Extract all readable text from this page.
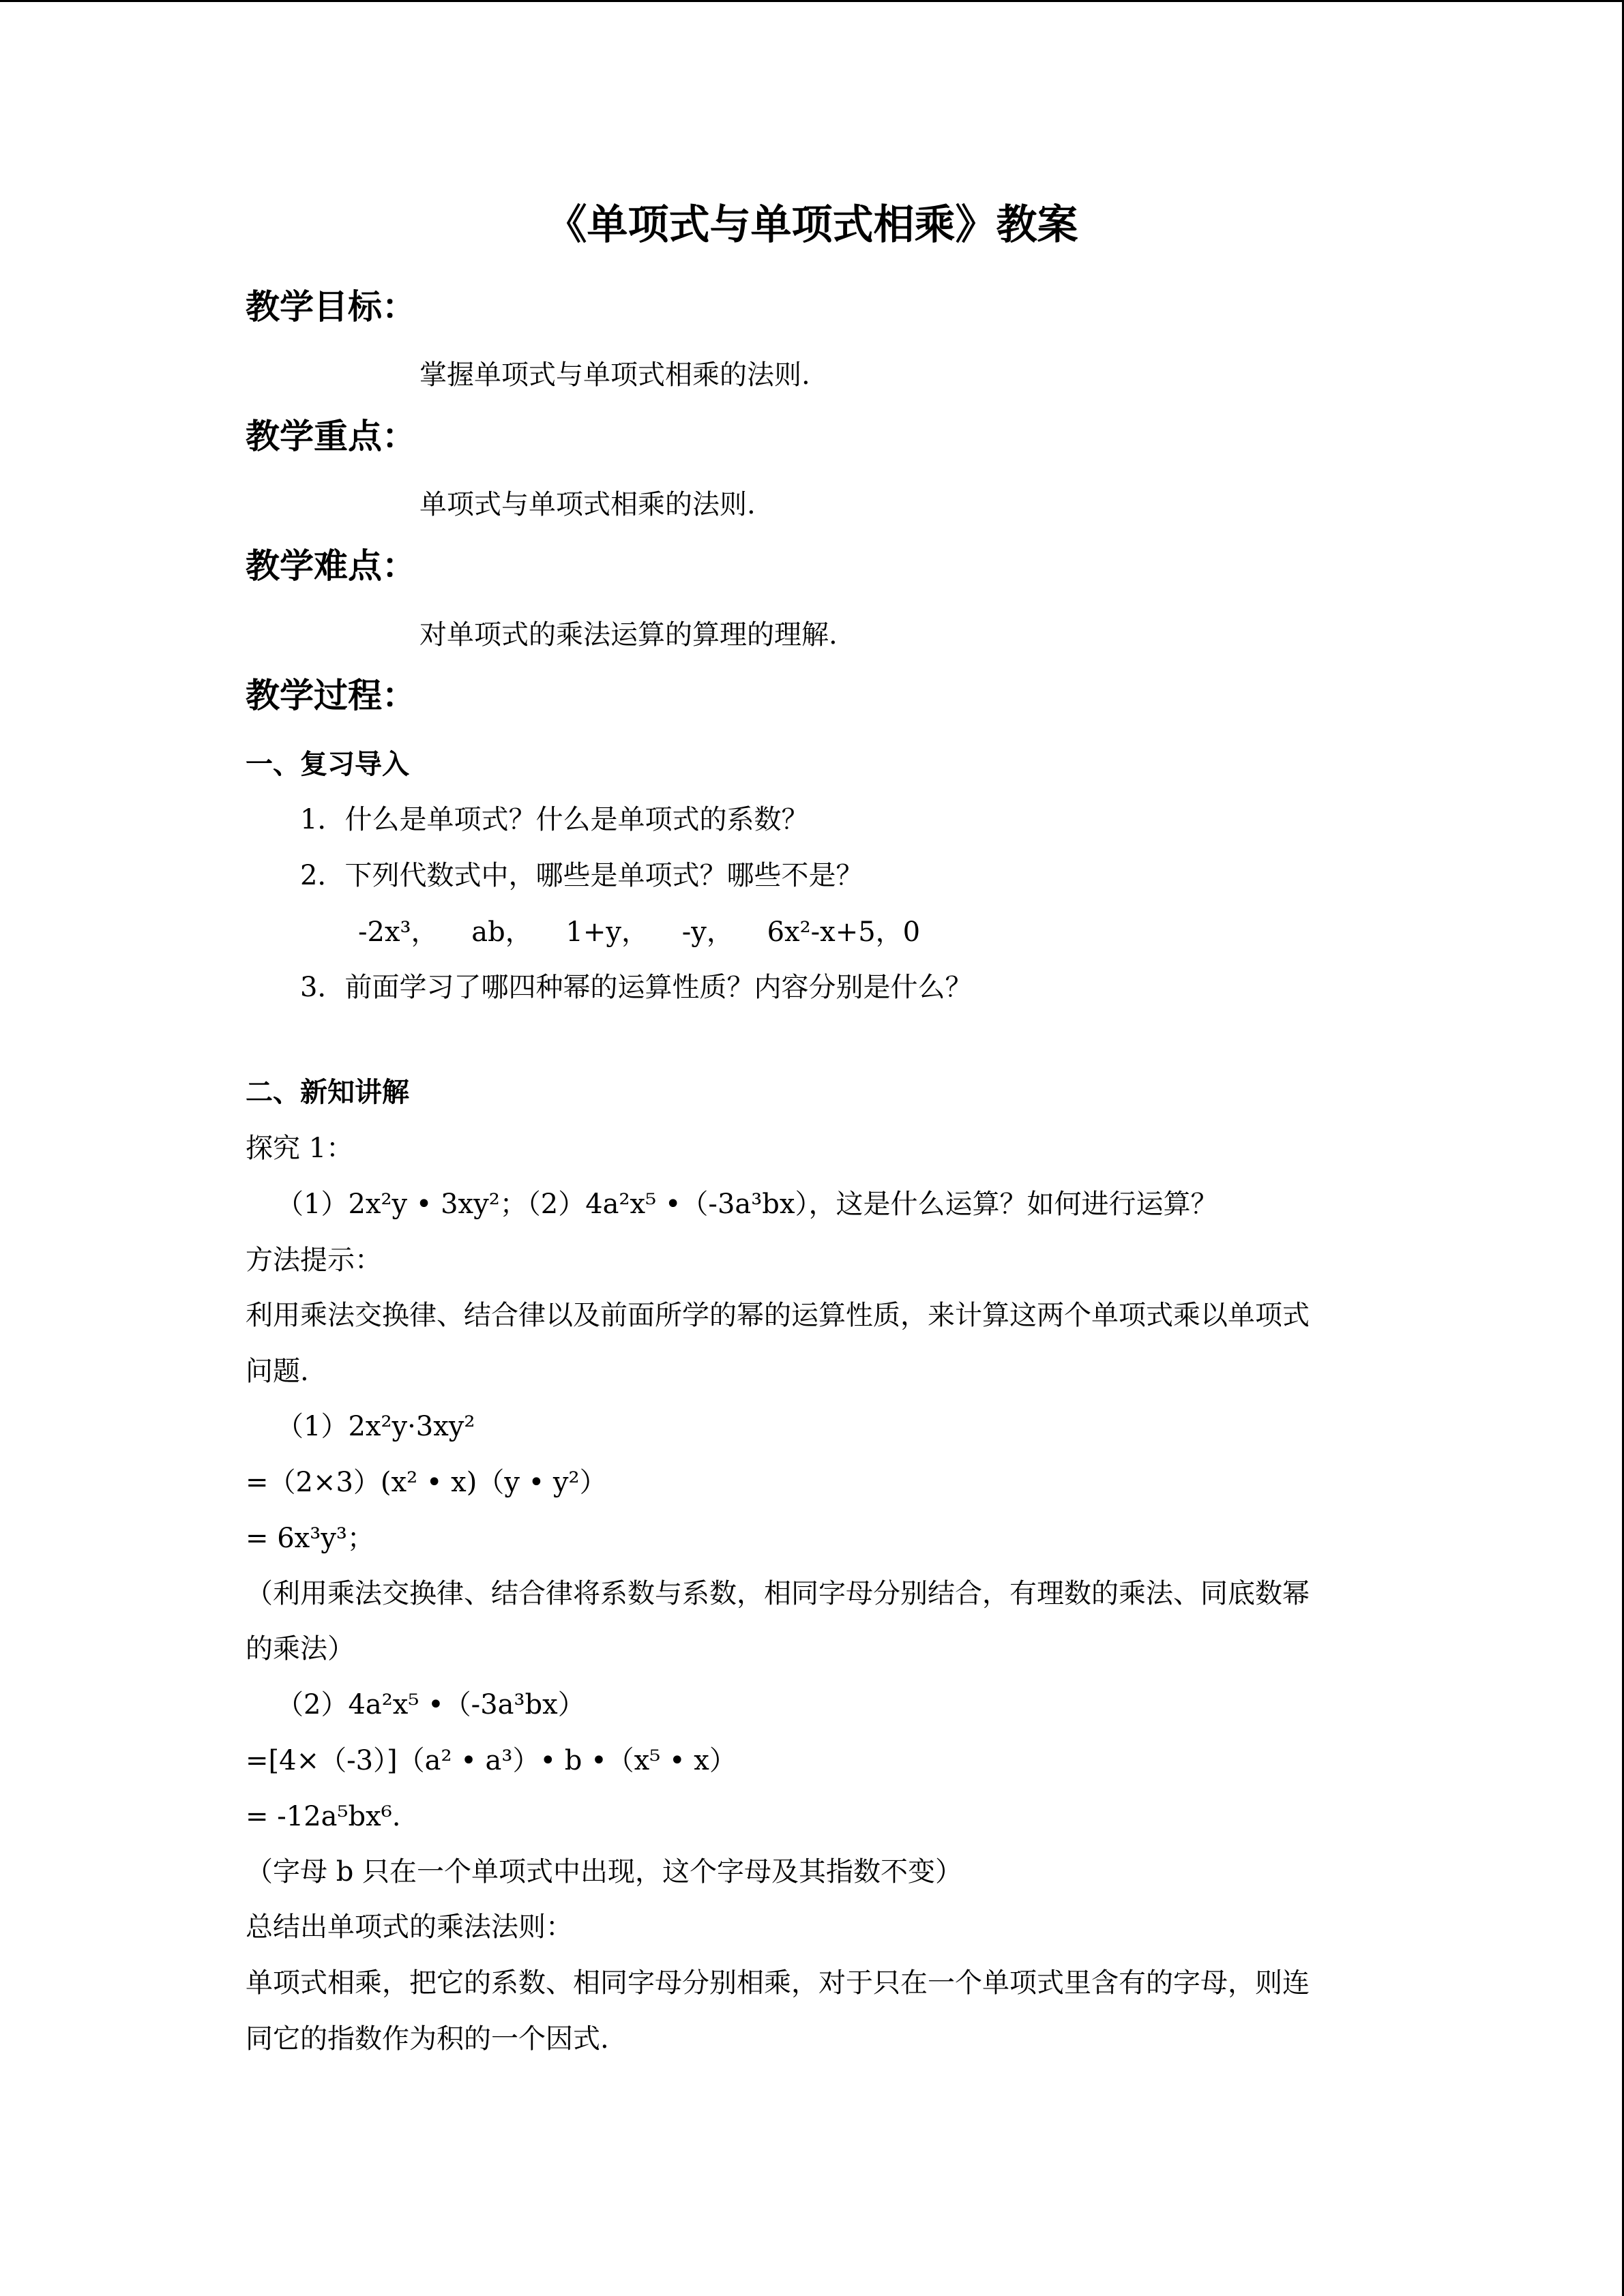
《单项式与单项式相乘》教案
教学目标：
掌握单项式与单项式相乘的法则.
教学重点：
单项式与单项式相乘的法则.
教学难点：
对单项式的乘法运算的算理的理解.
教学过程：
一、复习导入
1．什么是单项式？什么是单项式的系数？
2．下列代数式中，哪些是单项式？哪些不是？
-2x³， ab， 1+y， -y， 6x²-x+5，0
3．前面学习了哪四种幂的运算性质？内容分别是什么？
二、新知讲解
探究 1：
（1）2x²y • 3xy²；（2）4a²x⁵ •（-3a³bx），这是什么运算？如何进行运算？
方法提示：
利用乘法交换律、结合律以及前面所学的幂的运算性质，来计算这两个单项式乘以单项式
问题.
（1）2x²y·3xy²
=（2×3）(x² • x)（y • y²）
= 6x³y³；
（利用乘法交换律、结合律将系数与系数，相同字母分别结合，有理数的乘法、同底数幂
的乘法）
（2）4a²x⁵ •（-3a³bx）
=[4×（-3）]（a² • a³）• b •（x⁵ • x）
= -12a⁵bx⁶.
（字母 b 只在一个单项式中出现，这个字母及其指数不变）
总结出单项式的乘法法则：
单项式相乘，把它的系数、相同字母分别相乘，对于只在一个单项式里含有的字母，则连
同它的指数作为积的一个因式.
